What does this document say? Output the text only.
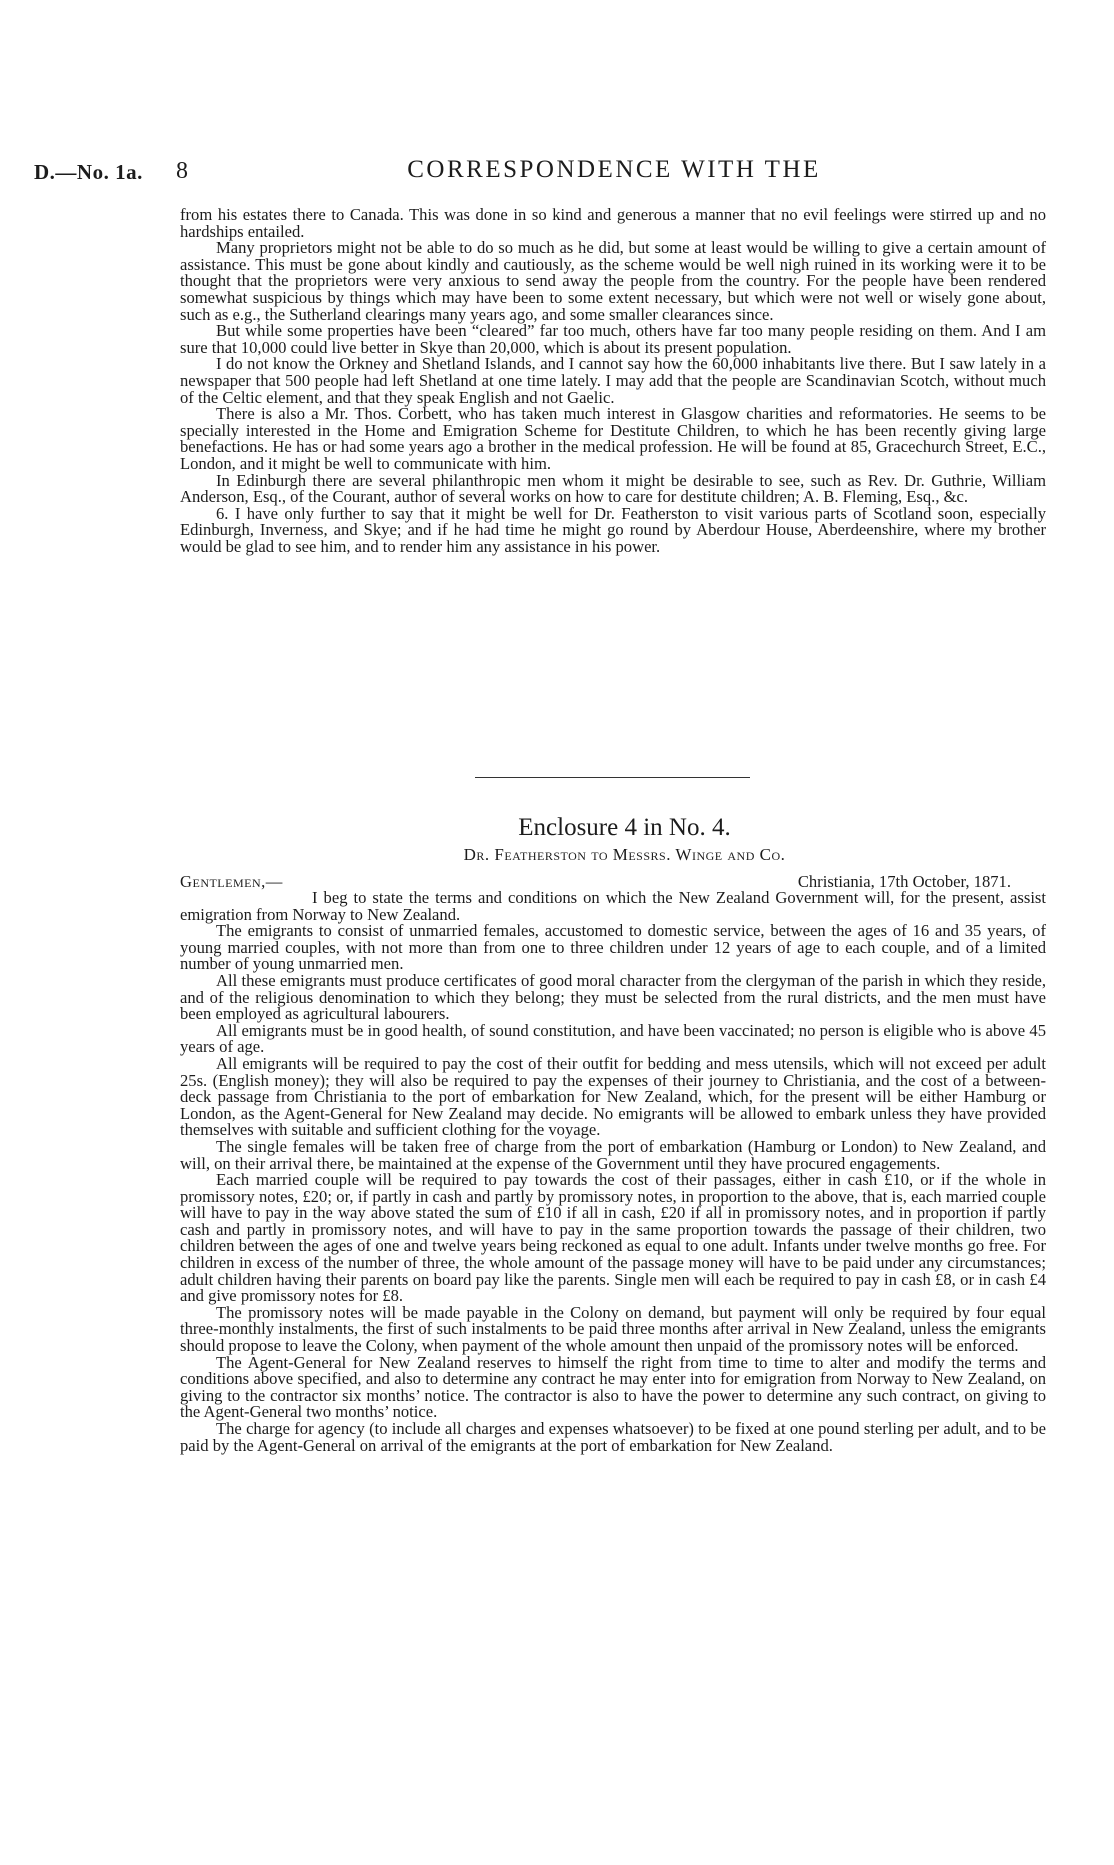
D.—No. 1a. 8	CORRESPONDENCE WITH THE

from his estates there to Canada. This was done in so kind and generous a manner that no evil feelings were stirred up and no hardships entailed.

Many proprietors might not be able to do so much as he did, but some at least would be willing to give a certain amount of assistance. This must be gone about kindly and cautiously, as the scheme would be well nigh ruined in its working were it to be thought that the proprietors were very anxious to send away the people from the country. For the people have been rendered somewhat suspicious by things which may have been to some extent necessary, but which were not well or wisely gone about, such as e.g., the Sutherland clearings many years ago, and some smaller clearances since.

But while some properties have been “cleared” far too much, others have far too many people residing on them. And I am sure that 10,000 could live better in Skye than 20,000, which is about its present population.

I do not know the Orkney and Shetland Islands, and I cannot say how the 60,000 inhabitants live there. But I saw lately in a newspaper that 500 people had left Shetland at one time lately. I may add that the people are Scandinavian Scotch, without much of the Celtic element, and that they speak English and not Gaelic.

There is also a Mr. Thos. Corbett, who has taken much interest in Glasgow charities and reformatories. He seems to be specially interested in the Home and Emigration Scheme for Destitute Children, to which he has been recently giving large benefactions. He has or had some years ago a brother in the medical profession. He will be found at 85, Gracechurch Street, E.C., London, and it might be well to communicate with him.

In Edinburgh there are several philanthropic men whom it might be desirable to see, such as Rev. Dr. Guthrie, William Anderson, Esq., of the Courant, author of several works on how to care for destitute children; A. B. Fleming, Esq., &c.

6. I have only further to say that it might be well for Dr. Featherston to visit various parts of Scotland soon, especially Edinburgh, Inverness, and Skye; and if he had time he might go round by Aberdour House, Aberdeenshire, where my brother would be glad to see him, and to render him any assistance in his power.

Enclosure 4 in No. 4.
Dr. Featherston to Messrs. Winge and Co.
Gentlemen,—	Christiania, 17th October, 1871.

I beg to state the terms and conditions on which the New Zealand Government will, for the present, assist emigration from Norway to New Zealand.

The emigrants to consist of unmarried females, accustomed to domestic service, between the ages of 16 and 35 years, of young married couples, with not more than from one to three children under 12 years of age to each couple, and of a limited number of young unmarried men.

All these emigrants must produce certificates of good moral character from the clergyman of the parish in which they reside, and of the religious denomination to which they belong; they must be selected from the rural districts, and the men must have been employed as agricultural labourers.

All emigrants must be in good health, of sound constitution, and have been vaccinated; no person is eligible who is above 45 years of age.

All emigrants will be required to pay the cost of their outfit for bedding and mess utensils, which will not exceed per adult 25s. (English money); they will also be required to pay the expenses of their journey to Christiania, and the cost of a between-deck passage from Christiania to the port of embarkation for New Zealand, which, for the present will be either Hamburg or London, as the Agent-General for New Zealand may decide. No emigrants will be allowed to embark unless they have provided themselves with suitable and sufficient clothing for the voyage.

The single females will be taken free of charge from the port of embarkation (Hamburg or London) to New Zealand, and will, on their arrival there, be maintained at the expense of the Government until they have procured engagements.

Each married couple will be required to pay towards the cost of their passages, either in cash £10, or if the whole in promissory notes, £20; or, if partly in cash and partly by promissory notes, in proportion to the above, that is, each married couple will have to pay in the way above stated the sum of £10 if all in cash, £20 if all in promissory notes, and in proportion if partly cash and partly in promissory notes, and will have to pay in the same proportion towards the passage of their children, two children between the ages of one and twelve years being reckoned as equal to one adult. Infants under twelve months go free. For children in excess of the number of three, the whole amount of the passage money will have to be paid under any circumstances; adult children having their parents on board pay like the parents. Single men will each be required to pay in cash £8, or in cash £4 and give promissory notes for £8.

The promissory notes will be made payable in the Colony on demand, but payment will only be required by four equal three-monthly instalments, the first of such instalments to be paid three months after arrival in New Zealand, unless the emigrants should propose to leave the Colony, when payment of the whole amount then unpaid of the promissory notes will be enforced.

The Agent-General for New Zealand reserves to himself the right from time to time to alter and modify the terms and conditions above specified, and also to determine any contract he may enter into for emigration from Norway to New Zealand, on giving to the contractor six months’ notice. The contractor is also to have the power to determine any such contract, on giving to the Agent-General two months’ notice.

The charge for agency (to include all charges and expenses whatsoever) to be fixed at one pound sterling per adult, and to be paid by the Agent-General on arrival of the emigrants at the port of embarkation for New Zealand.
